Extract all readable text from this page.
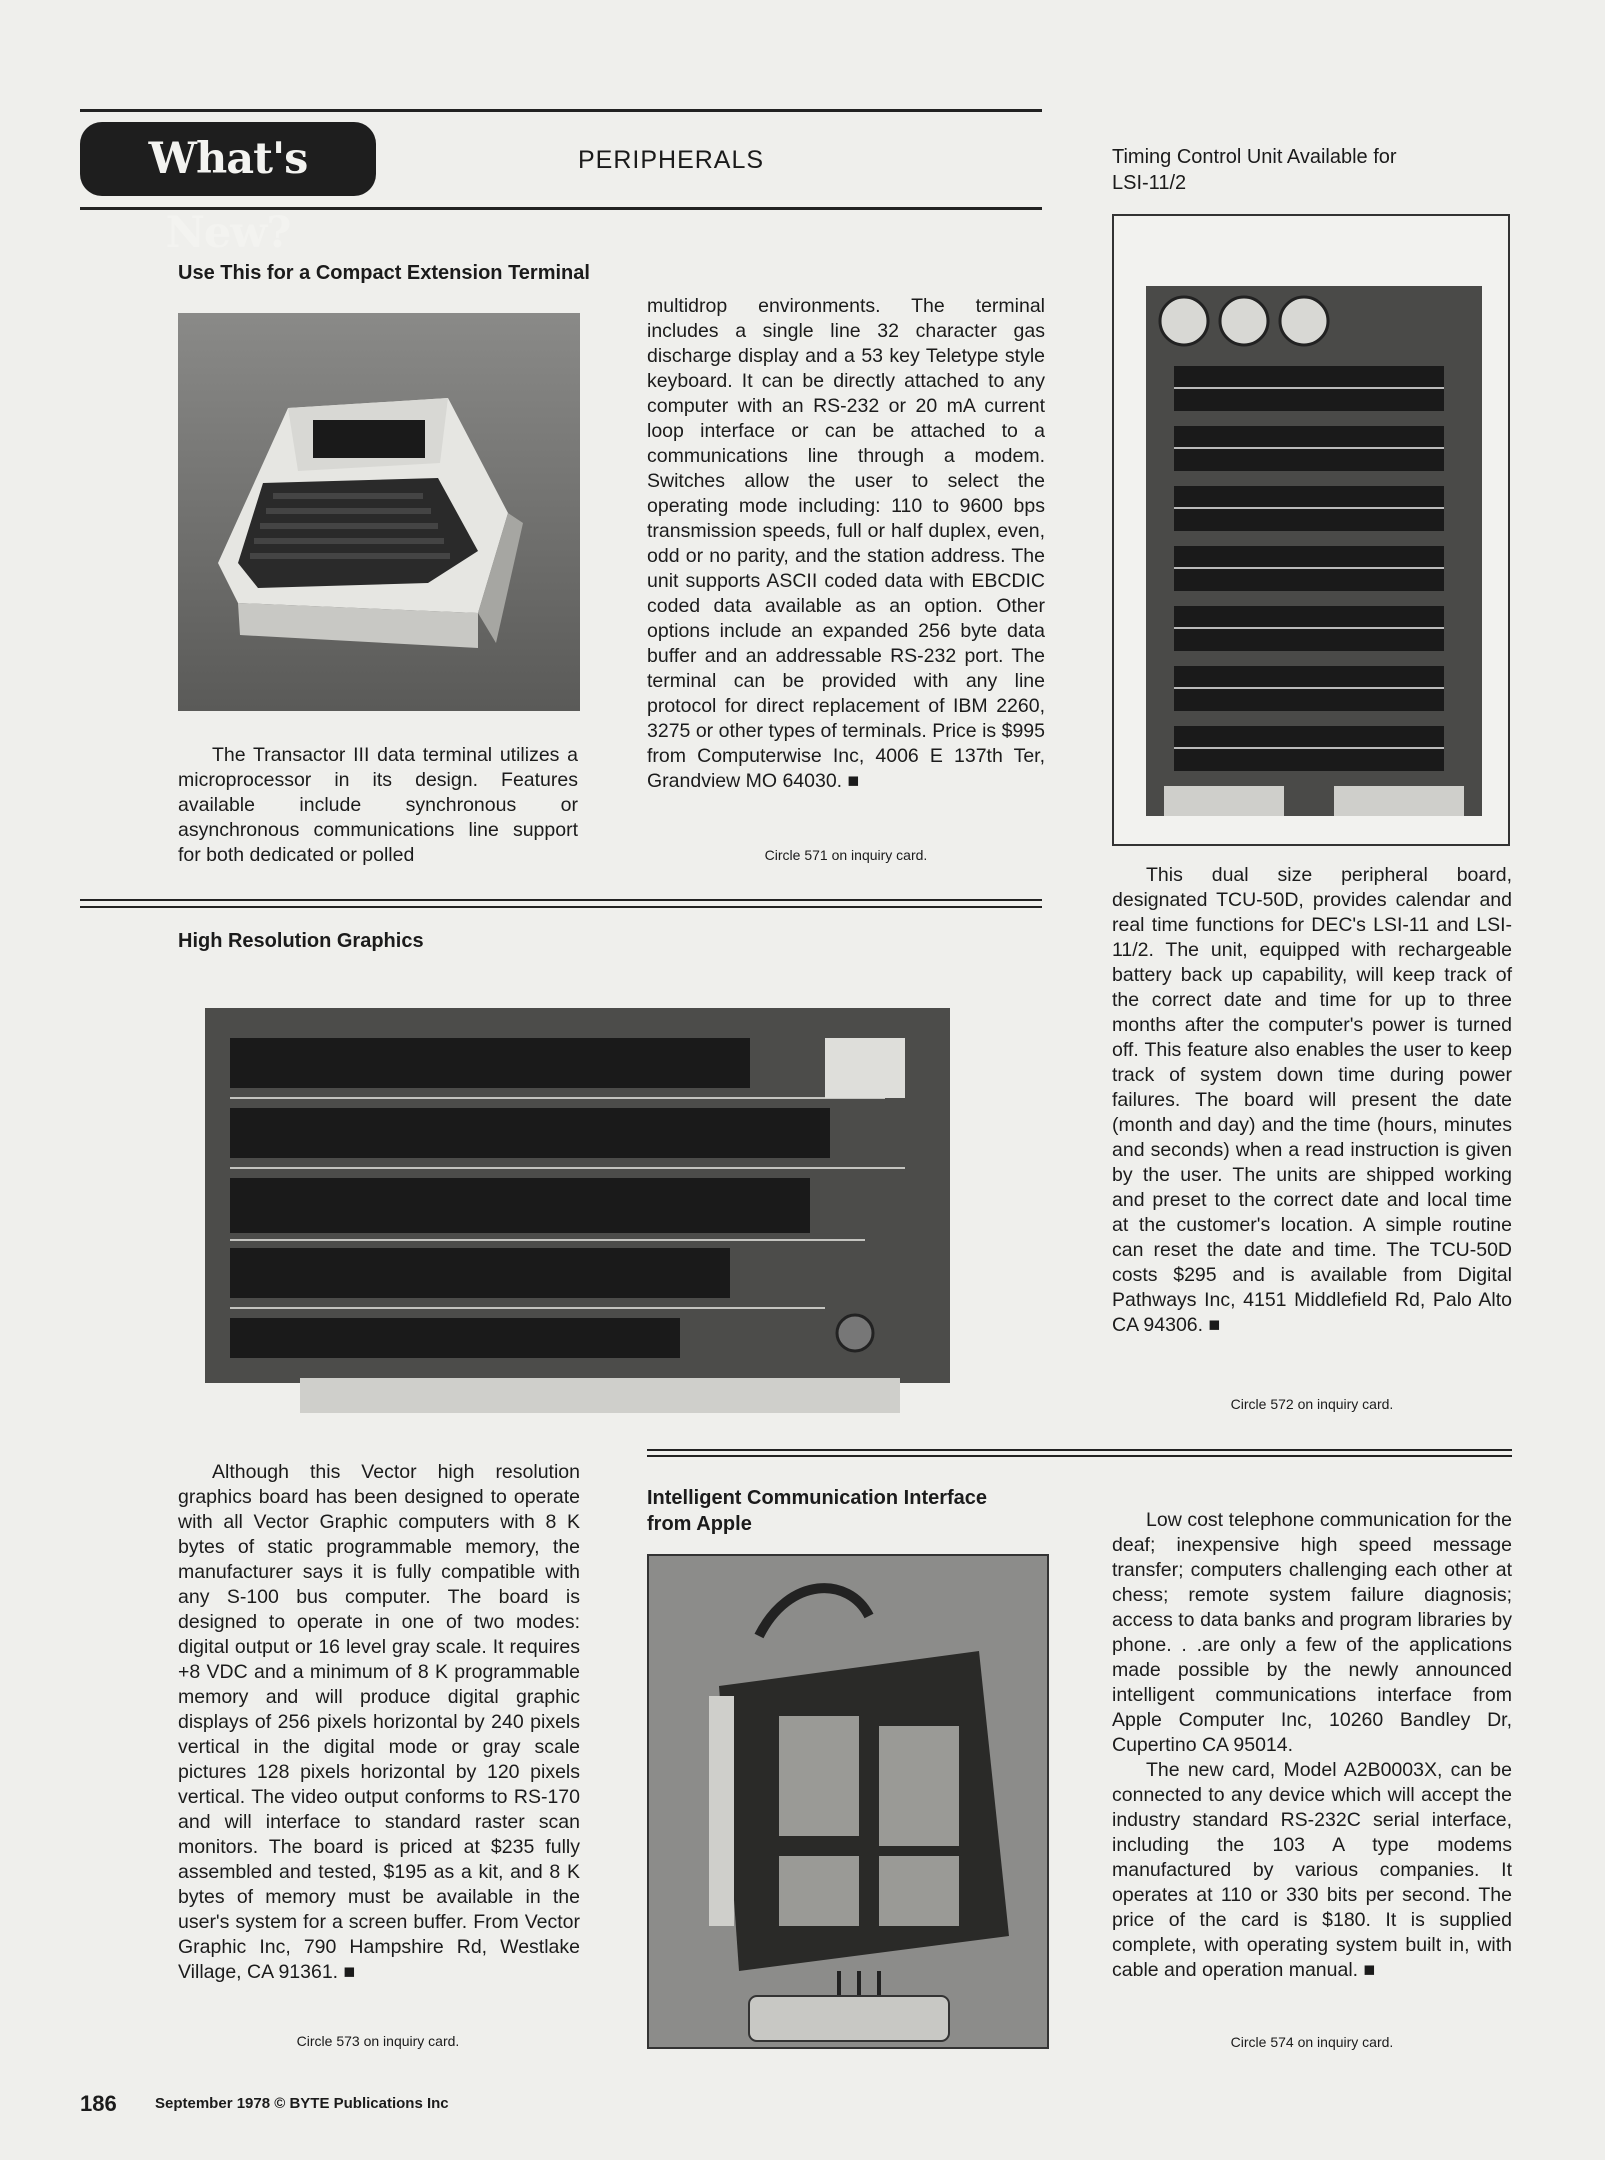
What's New?
PERIPHERALS
Use This for a Compact Extension Terminal

The Transactor III data terminal utilizes a microprocessor in its design. Features available include synchronous or asynchronous communications line support for both dedicated or polled

multidrop environments. The terminal includes a single line 32 character gas discharge display and a 53 key Teletype style keyboard. It can be directly attached to any computer with an RS-232 or 20 mA current loop interface or can be attached to a communications line through a modem. Switches allow the user to select the operating mode including: 110 to 9600 bps transmission speeds, full or half duplex, even, odd or no parity, and the station address. The unit supports ASCII coded data with EBCDIC coded data available as an option. Other options include an expanded 256 byte data buffer and an addressable RS-232 port. The terminal can be provided with any line protocol for direct replacement of IBM 2260, 3275 or other types of terminals. Price is $995 from Computerwise Inc, 4006 E 137th Ter, Grandview MO 64030. ■

Circle 571 on inquiry card.
Timing Control Unit Available for LSI-11/2

This dual size peripheral board, designated TCU-50D, provides calendar and real time functions for DEC's LSI-11 and LSI-11/2. The unit, equipped with rechargeable battery back up capability, will keep track of the correct date and time for up to three months after the computer's power is turned off. This feature also enables the user to keep track of system down time during power failures. The board will present the date (month and day) and the time (hours, minutes and seconds) when a read instruction is given by the user. The units are shipped working and preset to the correct date and local time at the customer's location. A simple routine can reset the date and time. The TCU-50D costs $295 and is available from Digital Pathways Inc, 4151 Middlefield Rd, Palo Alto CA 94306. ■

Circle 572 on inquiry card.
High Resolution Graphics

Although this Vector high resolution graphics board has been designed to operate with all Vector Graphic computers with 8 K bytes of static programmable memory, the manufacturer says it is fully compatible with any S-100 bus computer. The board is designed to operate in one of two modes: digital output or 16 level gray scale. It requires +8 VDC and a minimum of 8 K programmable memory and will produce digital graphic displays of 256 pixels horizontal by 240 pixels vertical in the digital mode or gray scale pictures 128 pixels horizontal by 120 pixels vertical. The video output conforms to RS-170 and will interface to standard raster scan monitors. The board is priced at $235 fully assembled and tested, $195 as a kit, and 8 K bytes of memory must be available in the user's system for a screen buffer. From Vector Graphic Inc, 790 Hampshire Rd, Westlake Village, CA 91361. ■

Circle 573 on inquiry card.
Intelligent Communication Interface from Apple	Low cost telephone communication for the deaf; inexpensive high speed message transfer; computers challenging each other at chess; remote system failure diagnosis; access to data banks and program libraries by phone. . .are only a few of the applications made possible by the newly announced intelligent communications interface from Apple Computer Inc, 10260 Bandley Dr, Cupertino CA 95014.

The new card, Model A2B0003X, can be connected to any device which will accept the industry standard RS-232C serial interface, including the 103 A type modems manufactured by various companies. It operates at 110 or 330 bits per second. The price of the card is $180. It is supplied complete, with operating system built in, with cable and operation manual. ■

Circle 574 on inquiry card.
186	September 1978 © BYTE Publications Inc
